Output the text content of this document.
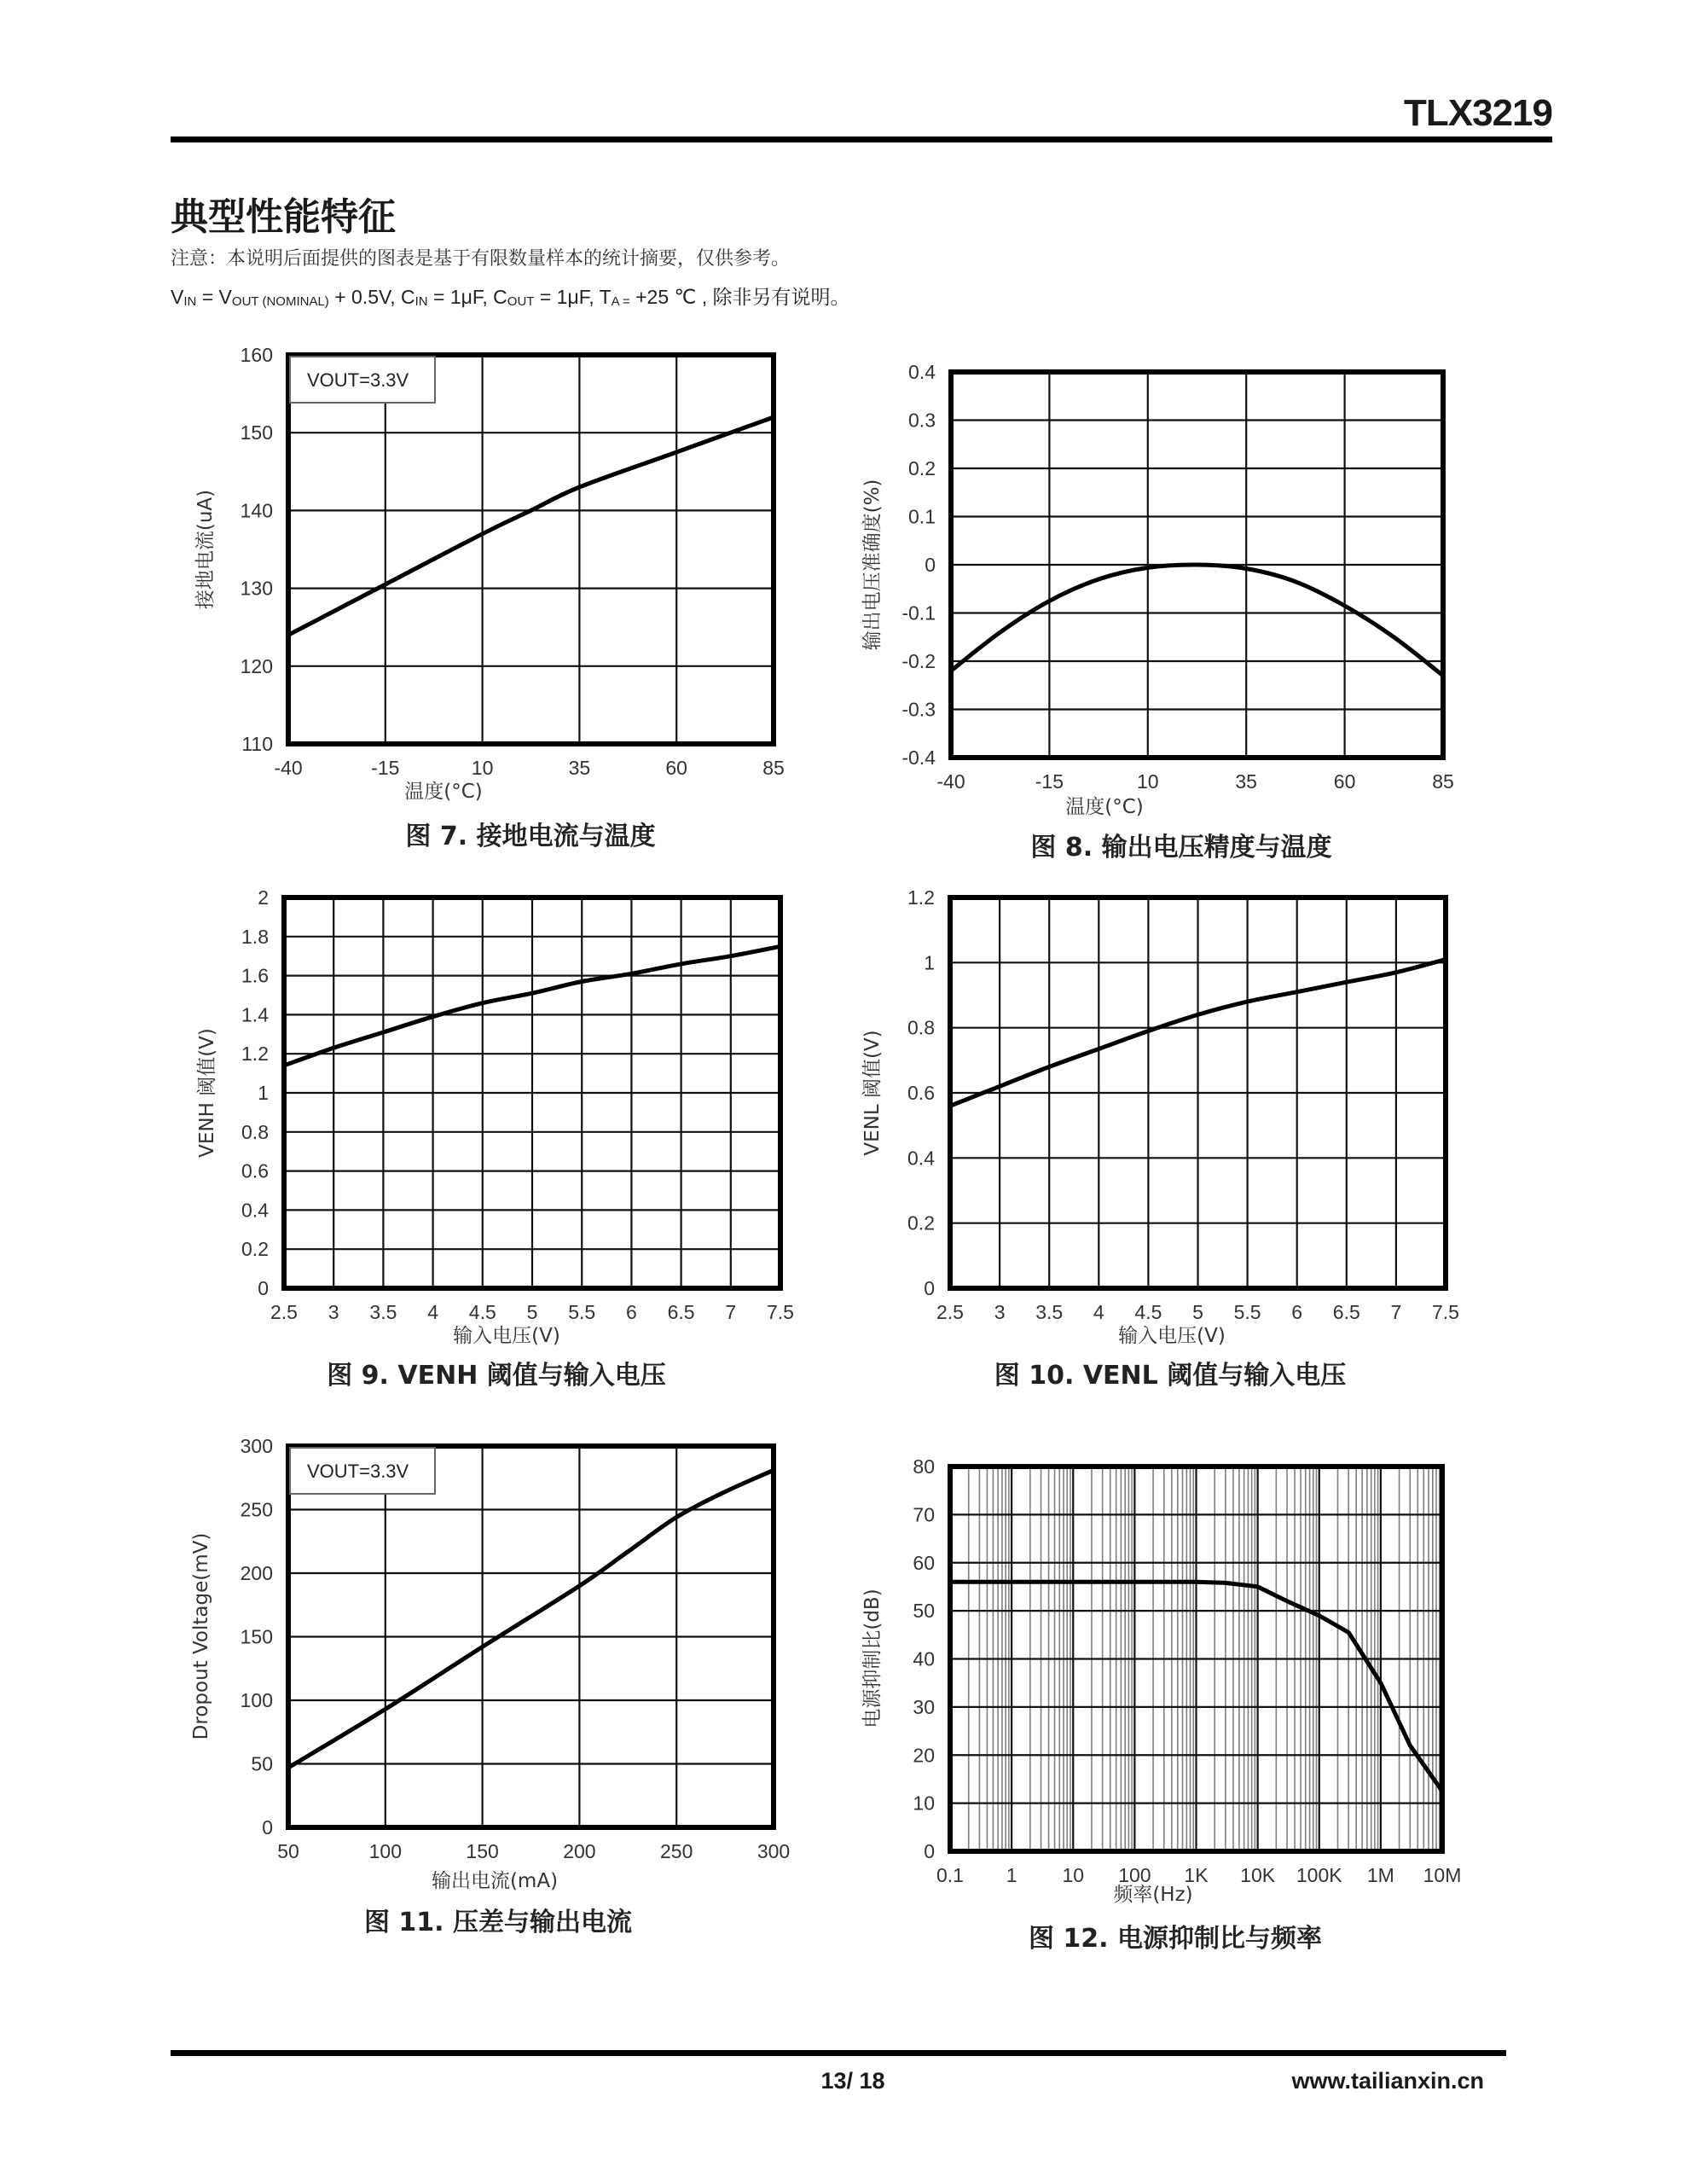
TLX3219
典型性能特征
注意：本说明后面提供的图表是基于有限数量样本的统计摘要，仅供参考。
$V_{IN} = V_{OUT (NOMINAL)} + 0.5V$, $C_{IN} = 1\mu F$, $C_{OUT} = 1\mu F$, $T_{A =} +25$ ℃ , 除非另有说明。
-40	-15	10	35	60	85
110
120
130
140
150
160
VOUT=3.3V
温度(°C)
接地电流(uA)
图 7. 接地电流与温度
-40	-15	10	35	60	85
-0.4
-0.3
-0.2
-0.1
0
0.1
0.2
0.3
0.4
温度(°C)
输出电压准确度(%)
图 8. 输出电压精度与温度
2.5 3 3.5 4 4.5 5 5.5 6 6.5 7 7.5
0
0.2
0.4
0.6
0.8
1
1.2
1.4
1.6
1.8
2
输入电压(V)
VENH 阈值(V)
图 9. VENH 阈值与输入电压
2.5 3 3.5 4 4.5 5 5.5 6 6.5 7 7.5
0
0.2
0.4
0.6
0.8
1
1.2
输入电压(V)
VENL 阈值(V)
图 10. VENL 阈值与输入电压
50	100	150	200	250	300
0
50
100
150
200
250
300
VOUT=3.3V
输出电流(mA)
Dropout Voltage(mV)
图 11. 压差与输出电流
0.1 1 10 100 1K 10K 100K 1M 10M
0
10
20
30
40
50
60
70
80
频率(Hz)
电源抑制比(dB)
图 12. 电源抑制比与频率
13/ 18	www.tailianxin.cn
